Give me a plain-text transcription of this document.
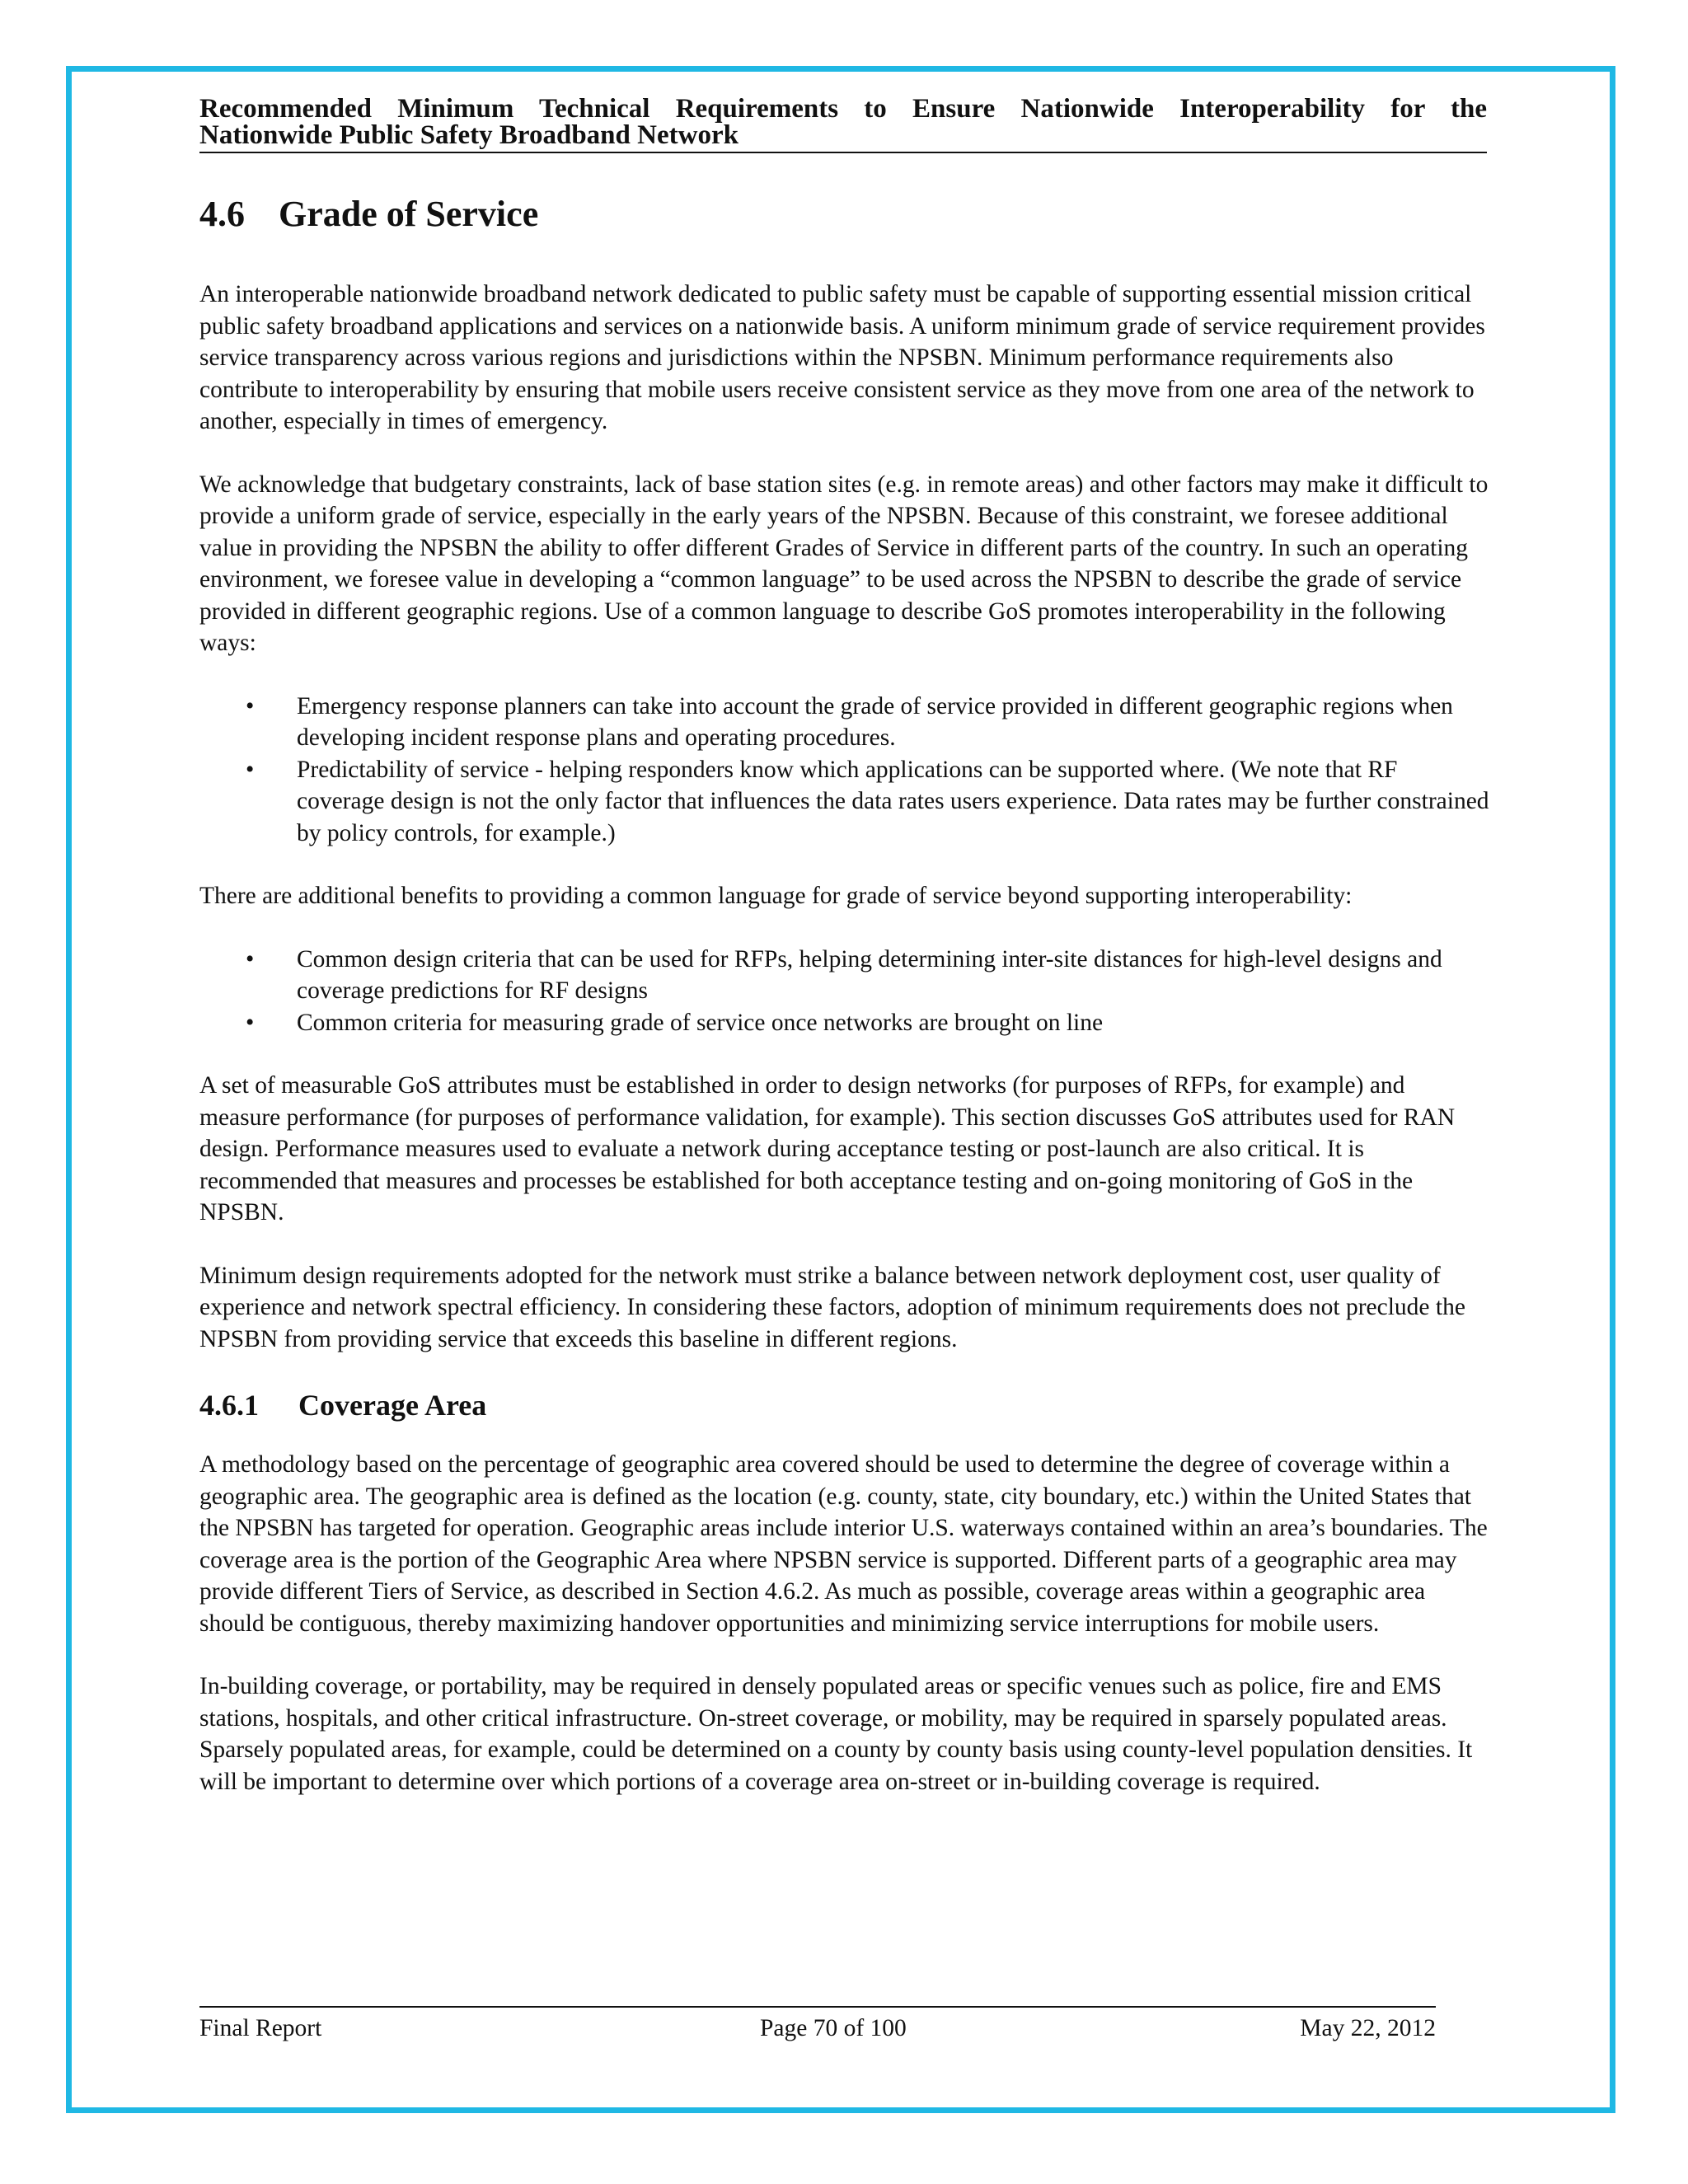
Recommended Minimum Technical Requirements to Ensure Nationwide Interoperability for the
Nationwide Public Safety Broadband Network
4.6 Grade of Service

An interoperable nationwide broadband network dedicated to public safety must be capable of supporting essential mission critical public safety broadband applications and services on a nationwide basis. A uniform minimum grade of service requirement provides service transparency across various regions and jurisdictions within the NPSBN. Minimum performance requirements also contribute to interoperability by ensuring that mobile users receive consistent service as they move from one area of the network to another, especially in times of emergency.

We acknowledge that budgetary constraints, lack of base station sites (e.g. in remote areas) and other factors may make it difficult to provide a uniform grade of service, especially in the early years of the NPSBN. Because of this constraint, we foresee additional value in providing the NPSBN the ability to offer different Grades of Service in different parts of the country. In such an operating environment, we foresee value in developing a “common language” to be used across the NPSBN to describe the grade of service provided in different geographic regions. Use of a common language to describe GoS promotes interoperability in the following ways:

• Emergency response planners can take into account the grade of service provided in different geographic regions when developing incident response plans and operating procedures.
• Predictability of service - helping responders know which applications can be supported where. (We note that RF coverage design is not the only factor that influences the data rates users experience. Data rates may be further constrained by policy controls, for example.)

There are additional benefits to providing a common language for grade of service beyond supporting interoperability:

• Common design criteria that can be used for RFPs, helping determining inter-site distances for high-level designs and coverage predictions for RF designs
• Common criteria for measuring grade of service once networks are brought on line

A set of measurable GoS attributes must be established in order to design networks (for purposes of RFPs, for example) and measure performance (for purposes of performance validation, for example). This section discusses GoS attributes used for RAN design. Performance measures used to evaluate a network during acceptance testing or post-launch are also critical. It is recommended that measures and processes be established for both acceptance testing and on-going monitoring of GoS in the NPSBN.

Minimum design requirements adopted for the network must strike a balance between network deployment cost, user quality of experience and network spectral efficiency. In considering these factors, adoption of minimum requirements does not preclude the NPSBN from providing service that exceeds this baseline in different regions.

4.6.1 Coverage Area

A methodology based on the percentage of geographic area covered should be used to determine the degree of coverage within a geographic area. The geographic area is defined as the location (e.g. county, state, city boundary, etc.) within the United States that the NPSBN has targeted for operation. Geographic areas include interior U.S. waterways contained within an area’s boundaries. The coverage area is the portion of the Geographic Area where NPSBN service is supported. Different parts of a geographic area may provide different Tiers of Service, as described in Section 4.6.2. As much as possible, coverage areas within a geographic area should be contiguous, thereby maximizing handover opportunities and minimizing service interruptions for mobile users.

In-building coverage, or portability, may be required in densely populated areas or specific venues such as police, fire and EMS stations, hospitals, and other critical infrastructure. On-street coverage, or mobility, may be required in sparsely populated areas. Sparsely populated areas, for example, could be determined on a county by county basis using county-level population densities. It will be important to determine over which portions of a coverage area on-street or in-building coverage is required.

Final Report	Page 70 of 100	May 22, 2012
